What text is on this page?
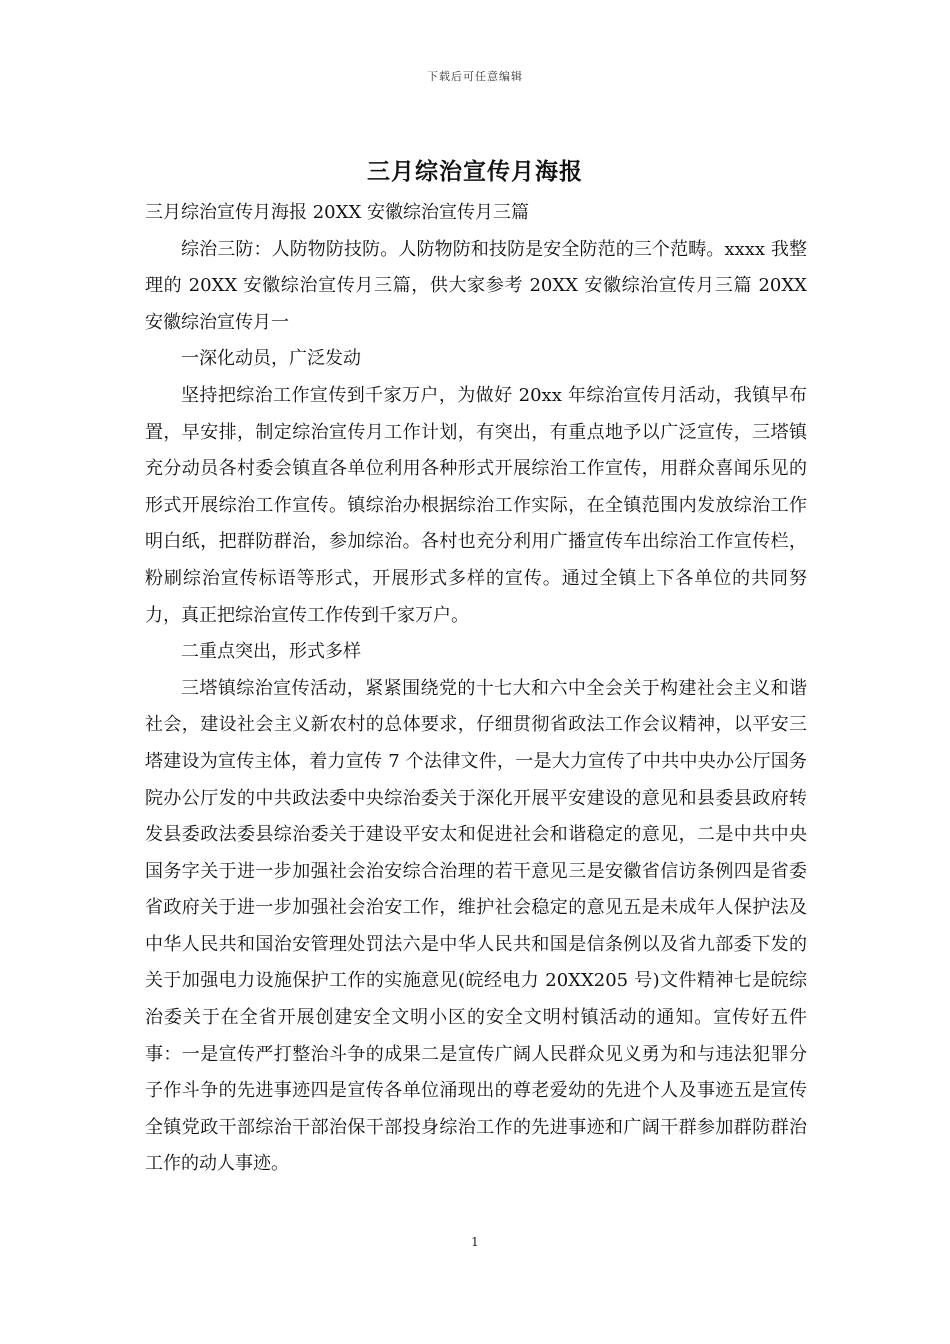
下载后可任意编辑
三月综治宣传月海报

三月综治宣传月海报 20XX 安徽综治宣传月三篇

综治三防：人防物防技防。人防物防和技防是安全防范的三个范畴。xxxx 我整理的 20XX 安徽综治宣传月三篇，供大家参考 20XX 安徽综治宣传月三篇 20XX 安徽综治宣传月一

一深化动员，广泛发动

坚持把综治工作宣传到千家万户，为做好 20xx 年综治宣传月活动，我镇早布置，早安排，制定综治宣传月工作计划，有突出，有重点地予以广泛宣传，三塔镇充分动员各村委会镇直各单位利用各种形式开展综治工作宣传，用群众喜闻乐见的形式开展综治工作宣传。镇综治办根据综治工作实际，在全镇范围内发放综治工作明白纸，把群防群治，参加综治。各村也充分利用广播宣传车出综治工作宣传栏，粉刷综治宣传标语等形式，开展形式多样的宣传。通过全镇上下各单位的共同努力，真正把综治宣传工作传到千家万户。

二重点突出，形式多样

三塔镇综治宣传活动，紧紧围绕党的十七大和六中全会关于构建社会主义和谐社会，建设社会主义新农村的总体要求，仔细贯彻省政法工作会议精神，以平安三塔建设为宣传主体，着力宣传 7 个法律文件，一是大力宣传了中共中央办公厅国务院办公厅发的中共政法委中央综治委关于深化开展平安建设的意见和县委县政府转发县委政法委县综治委关于建设平安太和促进社会和谐稳定的意见，二是中共中央国务字关于进一步加强社会治安综合治理的若干意见三是安徽省信访条例四是省委省政府关于进一步加强社会治安工作，维护社会稳定的意见五是未成年人保护法及中华人民共和国治安管理处罚法六是中华人民共和国是信条例以及省九部委下发的关于加强电力设施保护工作的实施意见(皖经电力 20XX205 号)文件精神七是皖综治委关于在全省开展创建安全文明小区的安全文明村镇活动的通知。宣传好五件事：一是宣传严打整治斗争的成果二是宣传广阔人民群众见义勇为和与违法犯罪分子作斗争的先进事迹四是宣传各单位涌现出的尊老爱幼的先进个人及事迹五是宣传全镇党政干部综治干部治保干部投身综治工作的先进事迹和广阔干群参加群防群治工作的动人事迹。

1
